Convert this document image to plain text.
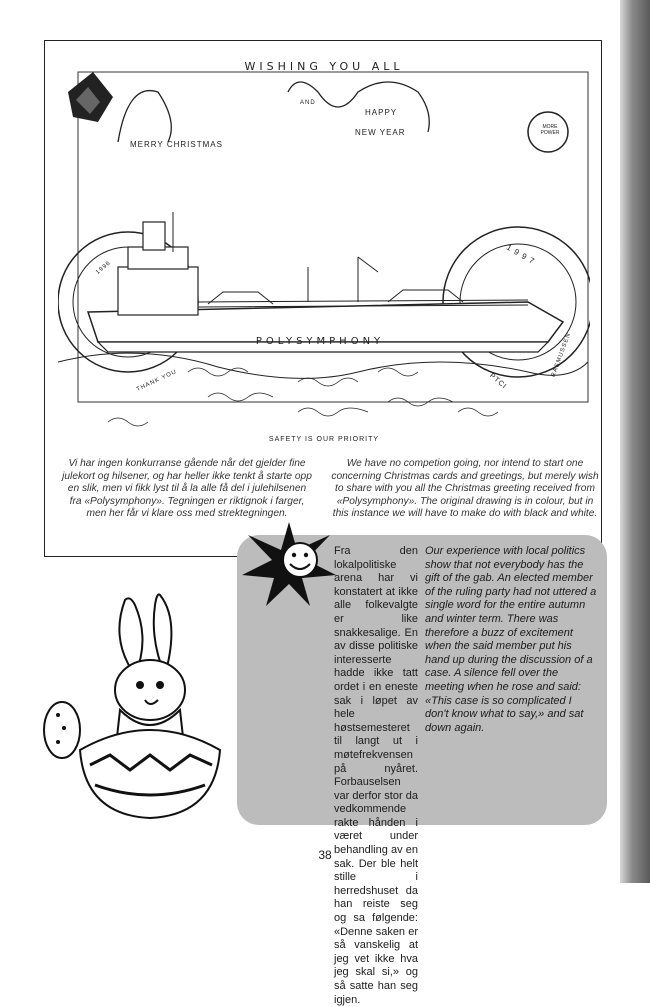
WISHING YOU ALL
MERRY CHRISTMAS
AND
HAPPY
NEW YEAR
MORE POWER
1996
1 9 9 7
POLYSYMPHONY
THANK YOU	PTCI
RASMUSSEN
SAFETY IS OUR PRIORITY
Vi har ingen konkurranse gående når det gjelder fine julekort og hilsener, og har heller ikke tenkt å starte opp en slik, men vi fikk lyst til å la alle få del i julehilsenen fra «Polysymphony». Tegningen er riktignok i farger, men her får vi klare oss med strektegningen.
We have no competion going, nor intend to start one concerning Christmas cards and greetings, but merely wish to share with you all the Christmas greeting received from «Polysymphony». The original drawing is in colour, but in this instance we will have to make do with black and white.
Fra den lokalpolitiske arena har vi konstatert at ikke alle folkevalgte er like snakkesalige. En av disse politiske interesserte hadde ikke tatt ordet i en eneste sak i løpet av hele høstsemesteret til langt ut i møtefrekvensen på nyåret. Forbauselsen var derfor stor da vedkommende rakte hånden i været under behandling av en sak. Der ble helt stille i herredshuset da han reiste seg og sa følgende: «Denne saken er så vanskelig at jeg vet ikke hva jeg skal si,» og så satte han seg igjen.
Our experience with local politics show that not everybody has the gift of the gab. An elected member of the ruling party had not uttered a single word for the entire autumn and winter term. There was therefore a buzz of excitement when the said member put his hand up during the discussion of a case. A silence fell over the meeting when he rose and said: «This case is so complicated I don't know what to say,» and sat down again.
38
